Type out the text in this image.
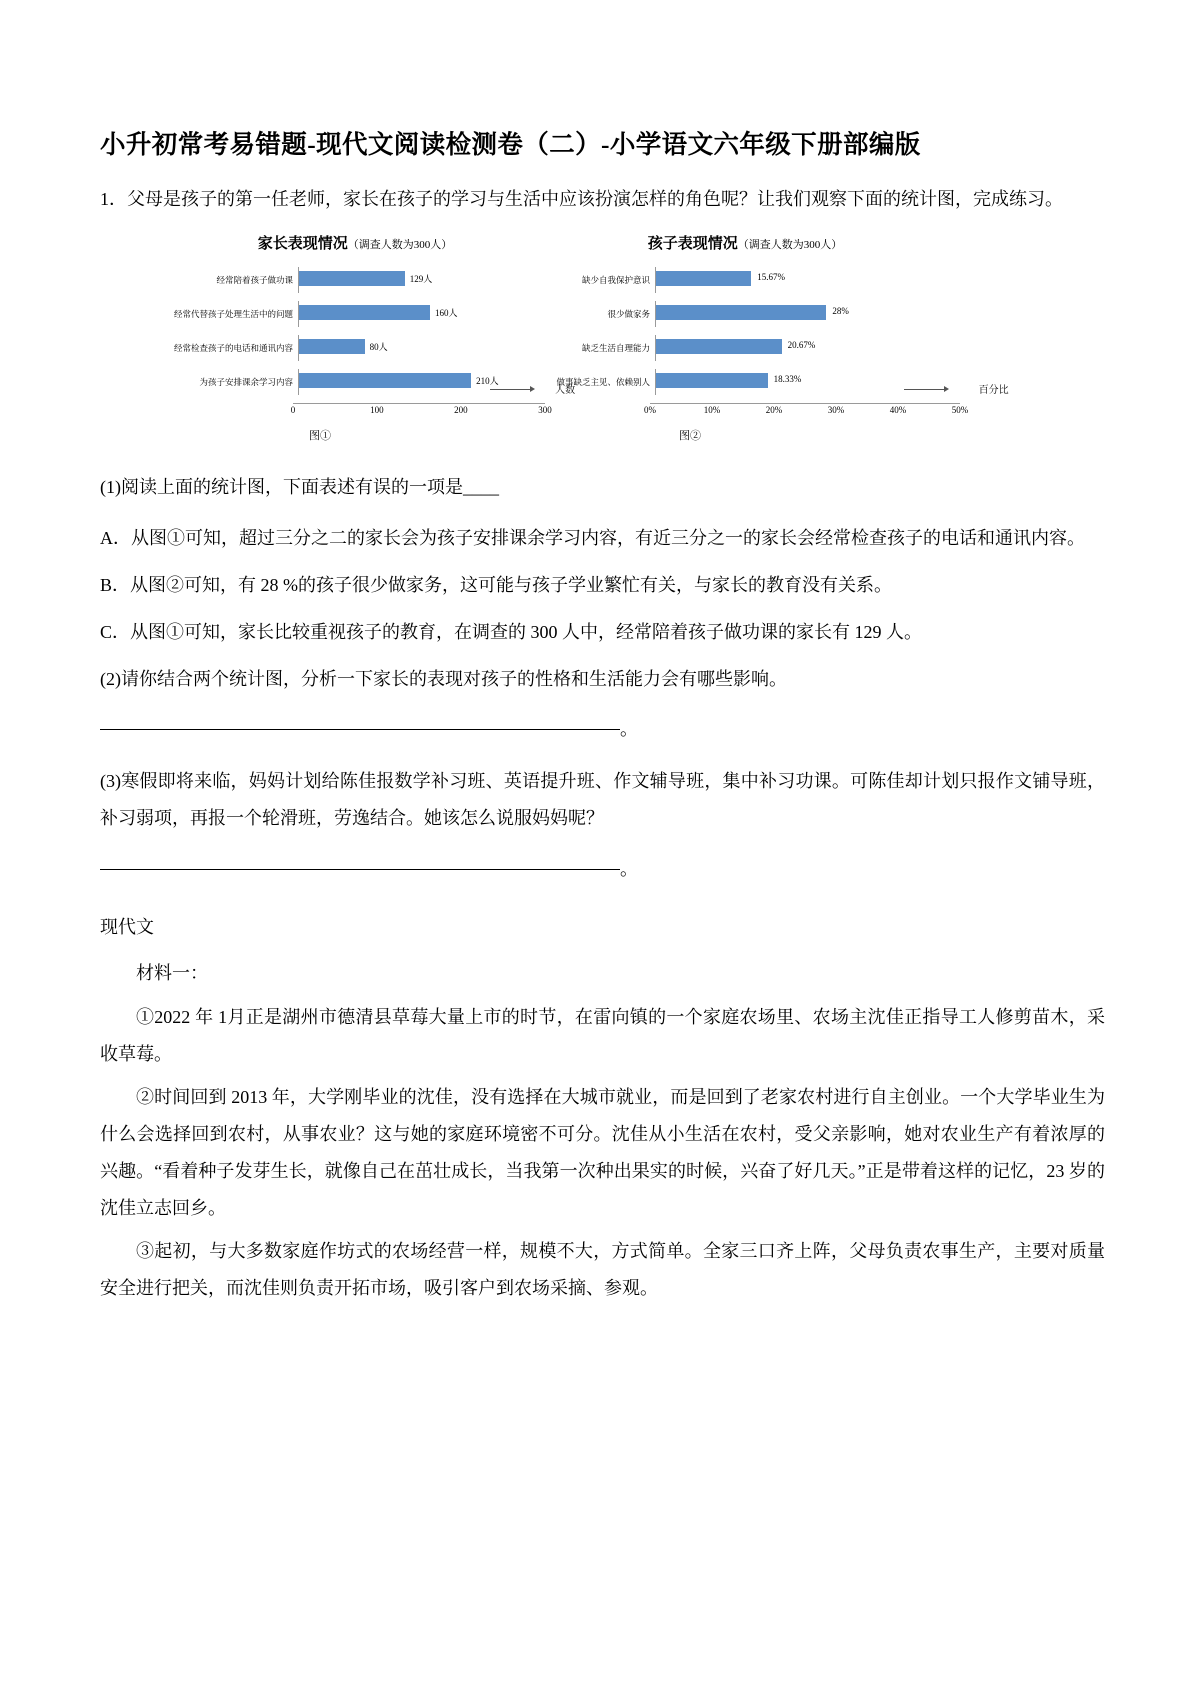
小升初常考易错题-现代文阅读检测卷（二）-小学语文六年级下册部编版

1．父母是孩子的第一任老师，家长在孩子的学习与生活中应该扮演怎样的角色呢？让我们观察下面的统计图，完成练习。

家长表现情况（调查人数为300人）
经常陪着孩子做功课	129人
经常代替孩子处理生活中的问题	160人
经常检查孩子的电话和通讯内容	80人
为孩子安排课余学习内容	210人
0	100	200	300
人数
图①
孩子表现情况（调查人数为300人）
缺少自我保护意识	15.67%
很少做家务	28%
缺乏生活自理能力	20.67%
做事缺乏主见、依赖别人	18.33%
0%	10%	20%	30%	40%	50%
百分比
图②

(1)阅读上面的统计图，下面表述有误的一项是____

A．从图①可知，超过三分之二的家长会为孩子安排课余学习内容，有近三分之一的家长会经常检查孩子的电话和通讯内容。

B．从图②可知，有 28 %的孩子很少做家务，这可能与孩子学业繁忙有关，与家长的教育没有关系。

C．从图①可知，家长比较重视孩子的教育，在调查的 300 人中，经常陪着孩子做功课的家长有 129 人。

(2)请你结合两个统计图，分析一下家长的表现对孩子的性格和生活能力会有哪些影响。

。

(3)寒假即将来临，妈妈计划给陈佳报数学补习班、英语提升班、作文辅导班，集中补习功课。可陈佳却计划只报作文铺导班，补习弱项，再报一个轮滑班，劳逸结合。她该怎么说服妈妈呢？

。
现代文
材料一：

①2022 年 1月正是湖州市德清县草莓大量上市的时节，在雷向镇的一个家庭农场里、农场主沈佳正指导工人修剪苗木，采收草莓。

②时间回到 2013 年，大学刚毕业的沈佳，没有选择在大城市就业，而是回到了老家农村进行自主创业。一个大学毕业生为什么会选择回到农村，从事农业？这与她的家庭环境密不可分。沈佳从小生活在农村，受父亲影响，她对农业生产有着浓厚的兴趣。“看着种子发芽生长，就像自己在茁壮成长，当我第一次种出果实的时候，兴奋了好几天。”正是带着这样的记忆，23 岁的沈佳立志回乡。

③起初，与大多数家庭作坊式的农场经营一样，规模不大，方式简单。全家三口齐上阵，父母负责农事生产，主要对质量安全进行把关，而沈佳则负责开拓市场，吸引客户到农场采摘、参观。
